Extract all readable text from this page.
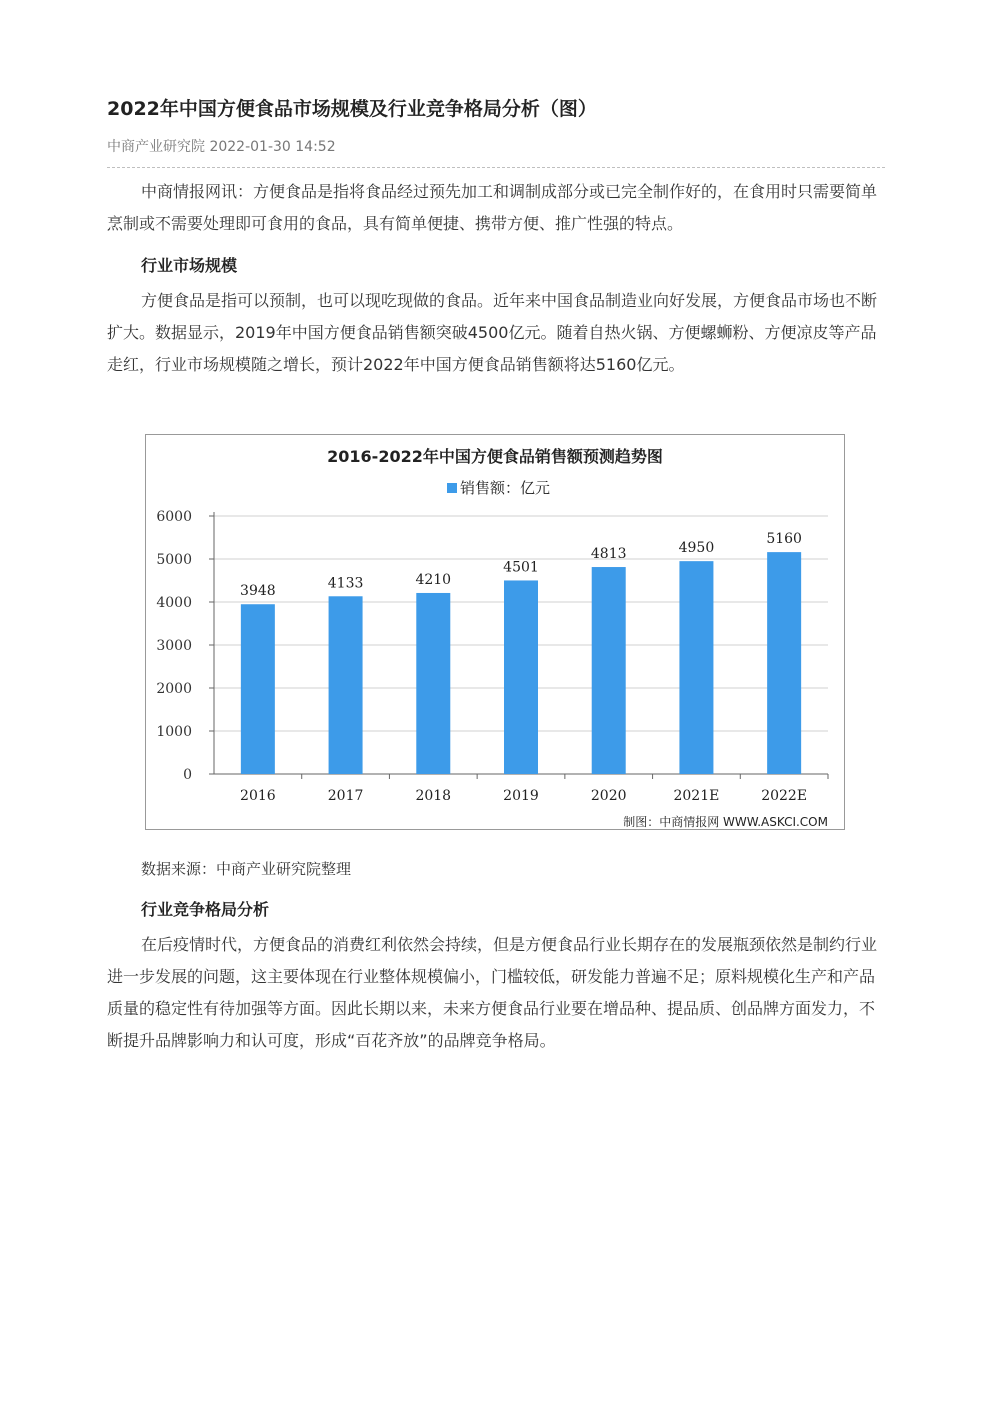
2022年中国方便食品市场规模及行业竞争格局分析（图）
中商产业研究院 2022-01-30 14:52

中商情报网讯：方便食品是指将食品经过预先加工和调制成部分或已完全制作好的，在食用时只需要简单烹制或不需要处理即可食用的食品，具有简单便捷、携带方便、推广性强的特点。

行业市场规模

方便食品是指可以预制，也可以现吃现做的食品。近年来中国食品制造业向好发展，方便食品市场也不断扩大。数据显示，2019年中国方便食品销售额突破4500亿元。随着自热火锅、方便螺蛳粉、方便凉皮等产品走红，行业市场规模随之增长，预计2022年中国方便食品销售额将达5160亿元。

2016-2022年中国方便食品销售额预测趋势图
销售额：亿元
0
1000
2000
3000
4000
5000
6000
3948
2016
4133
2017
4210
2018
4501
2019
4813
2020
4950
2021E
5160
2022E
制图：中商情报网 WWW.ASKCI.COM
数据来源：中商产业研究院整理
行业竞争格局分析

在后疫情时代，方便食品的消费红利依然会持续，但是方便食品行业长期存在的发展瓶颈依然是制约行业进一步发展的问题，这主要体现在行业整体规模偏小，门槛较低，研发能力普遍不足；原料规模化生产和产品质量的稳定性有待加强等方面。因此长期以来，未来方便食品行业要在增品种、提品质、创品牌方面发力，不断提升品牌影响力和认可度，形成“百花齐放”的品牌竞争格局。
